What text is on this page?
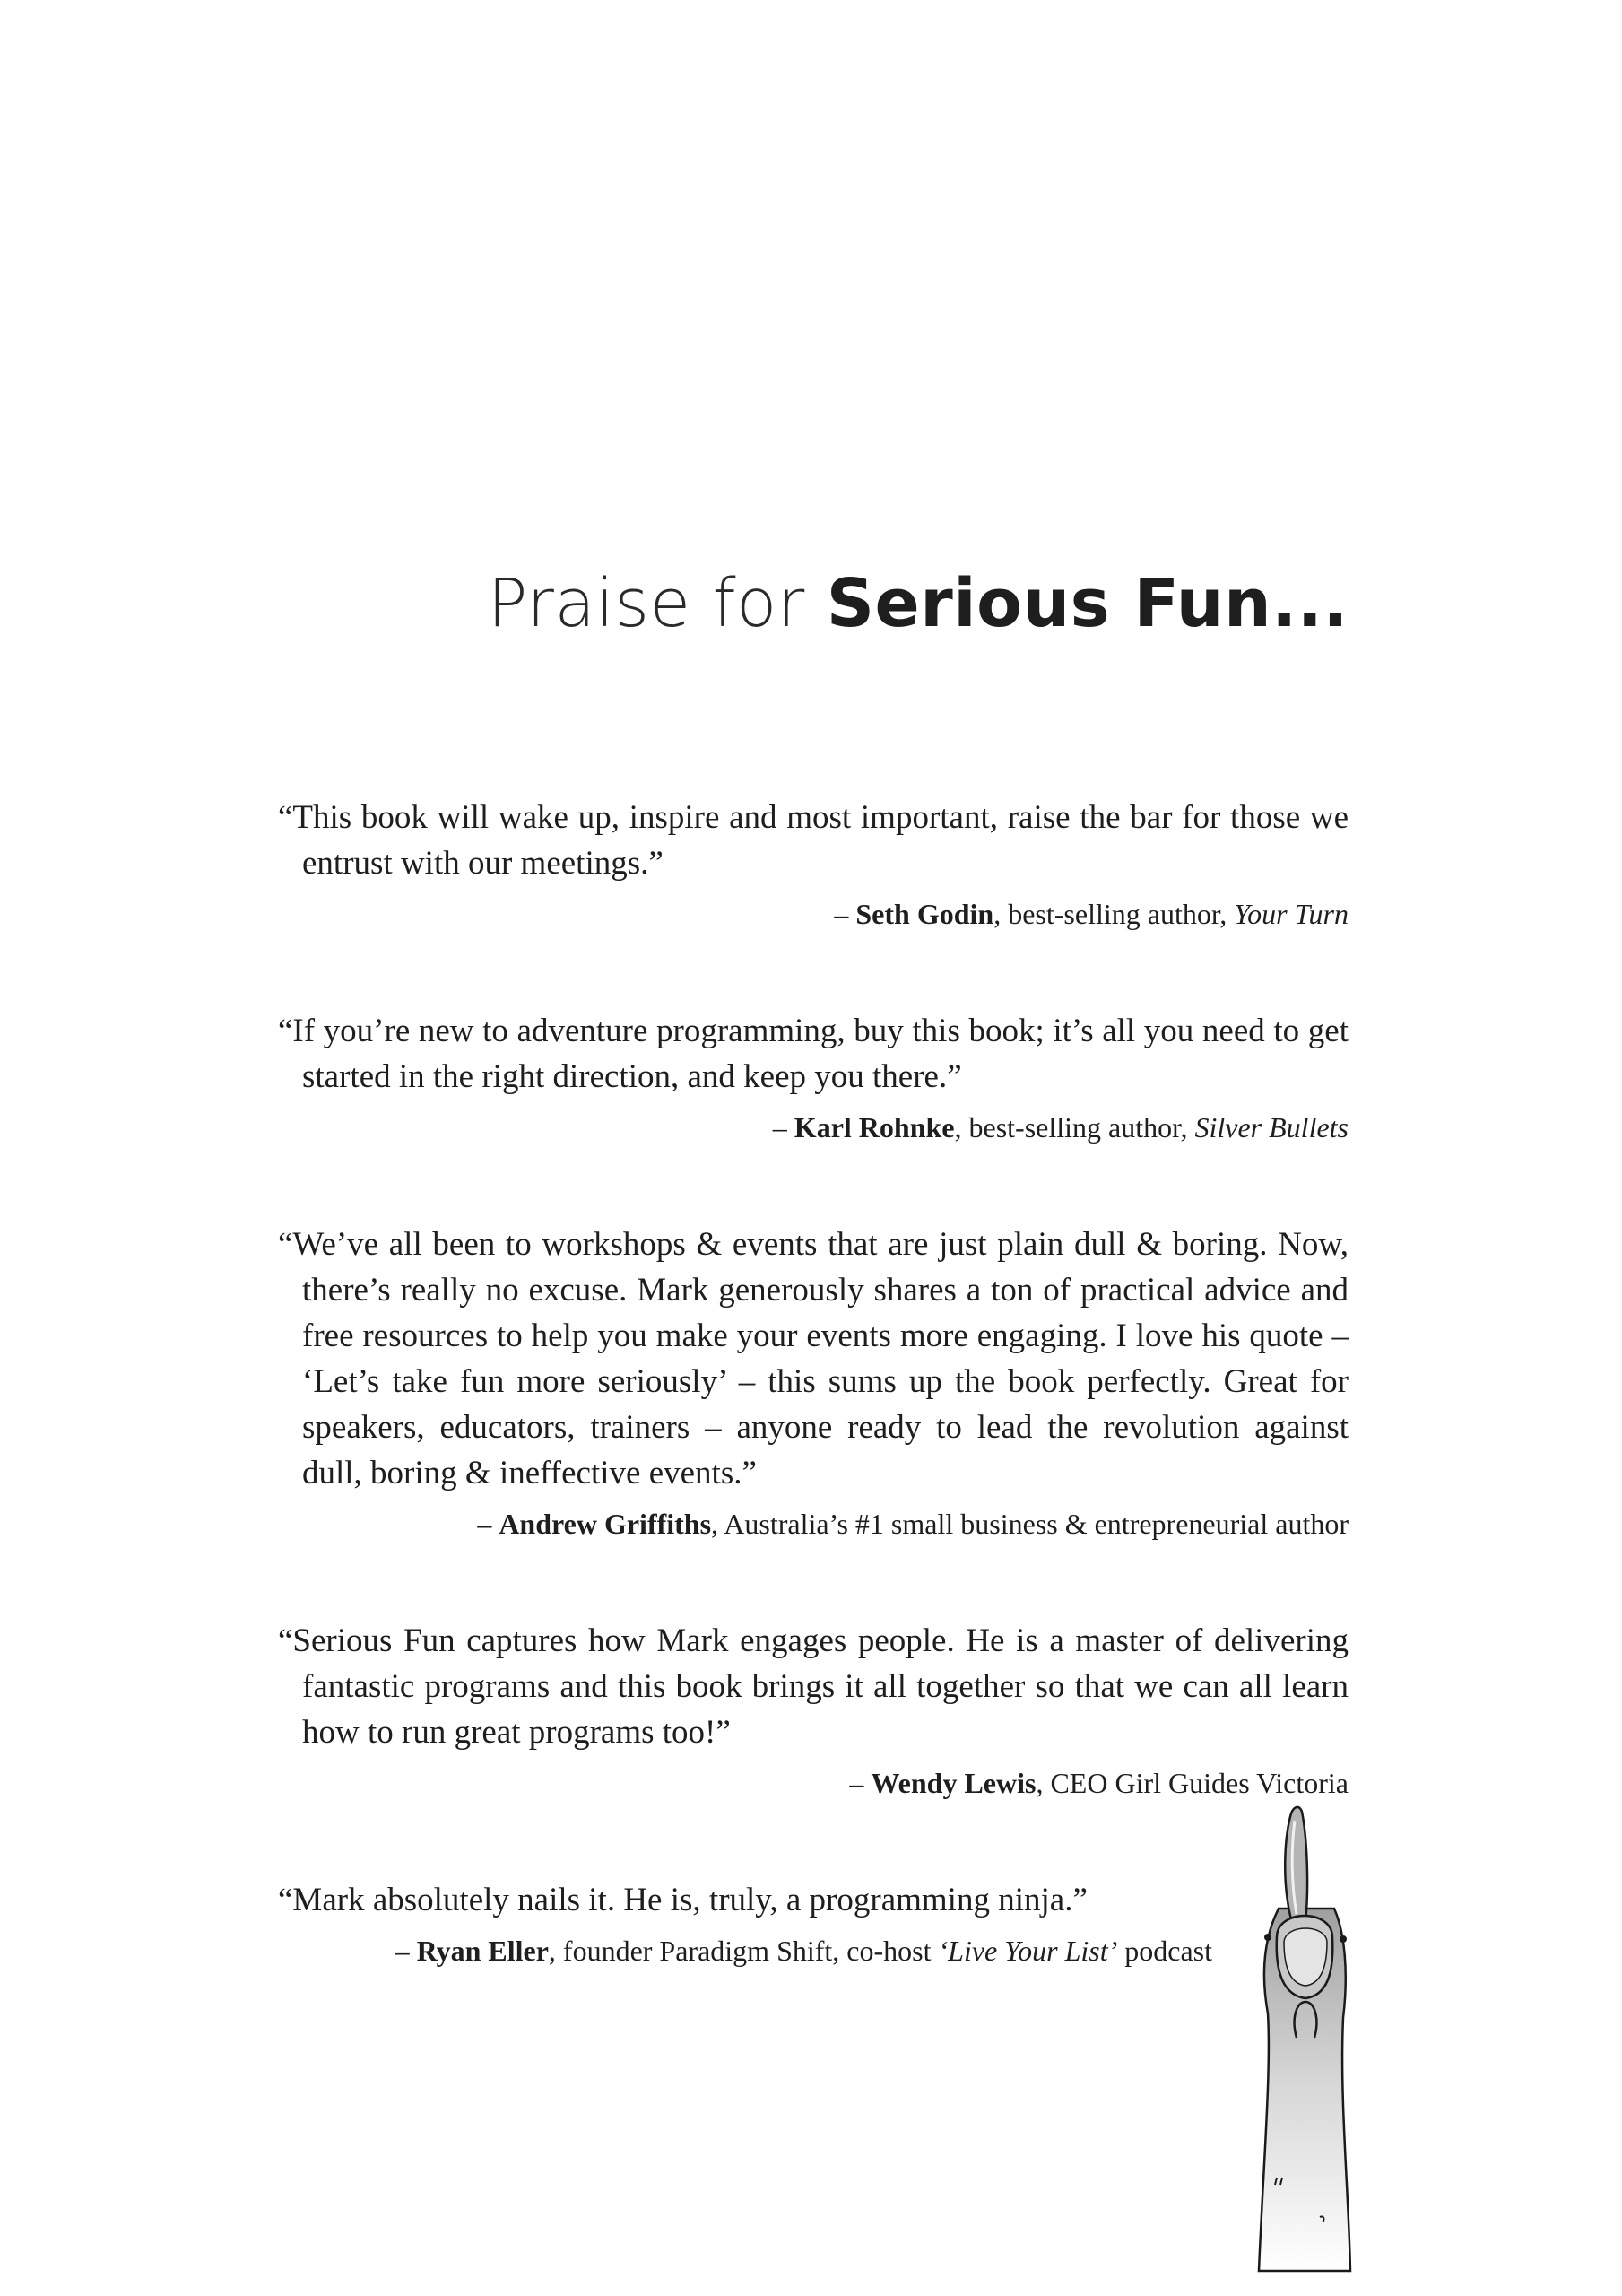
Praise for Serious Fun...

“This book will wake up, inspire and most important, raise the bar for those we entrust with our meetings.”

– Seth Godin, best-selling author, Your Turn

“If you’re new to adventure programming, buy this book; it’s all you need to get started in the right direction, and keep you there.”

– Karl Rohnke, best-selling author, Silver Bullets

“We’ve all been to workshops & events that are just plain dull & boring. Now, there’s really no excuse. Mark generously shares a ton of practical advice and free resources to help you make your events more engaging. I love his quote – ‘Let’s take fun more seriously’ – this sums up the book perfectly. Great for speakers, educators, trainers – anyone ready to lead the revolution against dull, boring & ineffective events.”

– Andrew Griffiths, Australia’s #1 small business & entrepreneurial author

“Serious Fun captures how Mark engages people. He is a master of delivering fantastic programs and this book brings it all together so that we can all learn how to run great programs too!”

– Wendy Lewis, CEO Girl Guides Victoria

“Mark absolutely nails it. He is, truly, a programming ninja.”

– Ryan Eller, founder Paradigm Shift, co-host ‘Live Your List’ podcast
